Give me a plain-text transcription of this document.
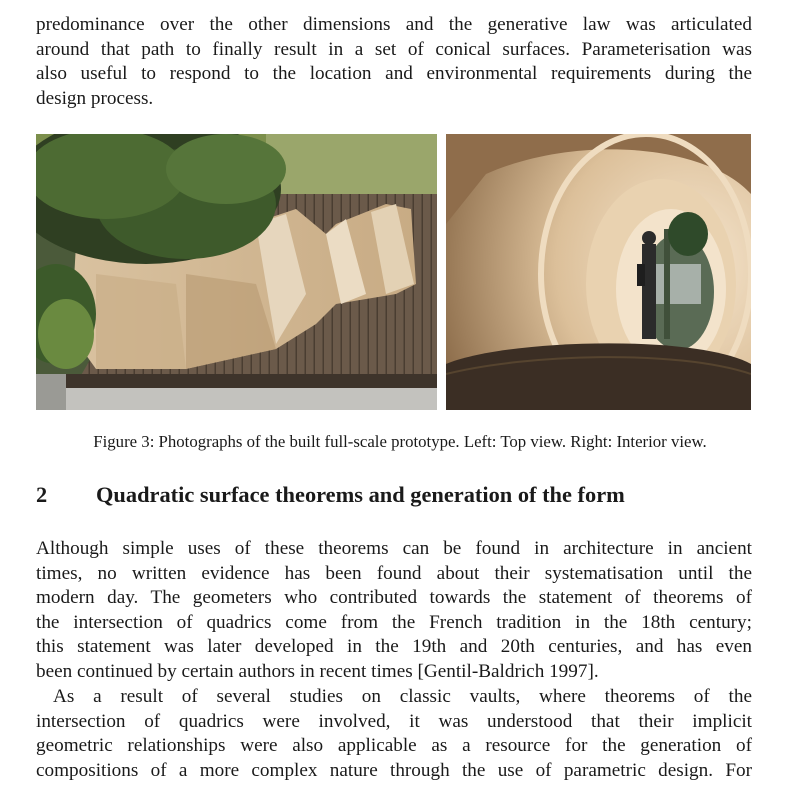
predominance over the other dimensions and the generative law was articulated
around that path to finally result in a set of conical surfaces. Parameterisation was
also useful to respond to the location and environmental requirements during the
design process.
Figure 3: Photographs of the built full-scale prototype. Left: Top view. Right: Interior view.
2 Quadratic surface theorems and generation of the form
Although simple uses of these theorems can be found in architecture in ancient
times, no written evidence has been found about their systematisation until the
modern day. The geometers who contributed towards the statement of theorems of
the intersection of quadrics come from the French tradition in the 18th century;
this statement was later developed in the 19th and 20th centuries, and has even
been continued by certain authors in recent times [Gentil-Baldrich 1997].
As a result of several studies on classic vaults, where theorems of the
intersection of quadrics were involved, it was understood that their implicit
geometric relationships were also applicable as a resource for the generation of
compositions of a more complex nature through the use of parametric design. For
